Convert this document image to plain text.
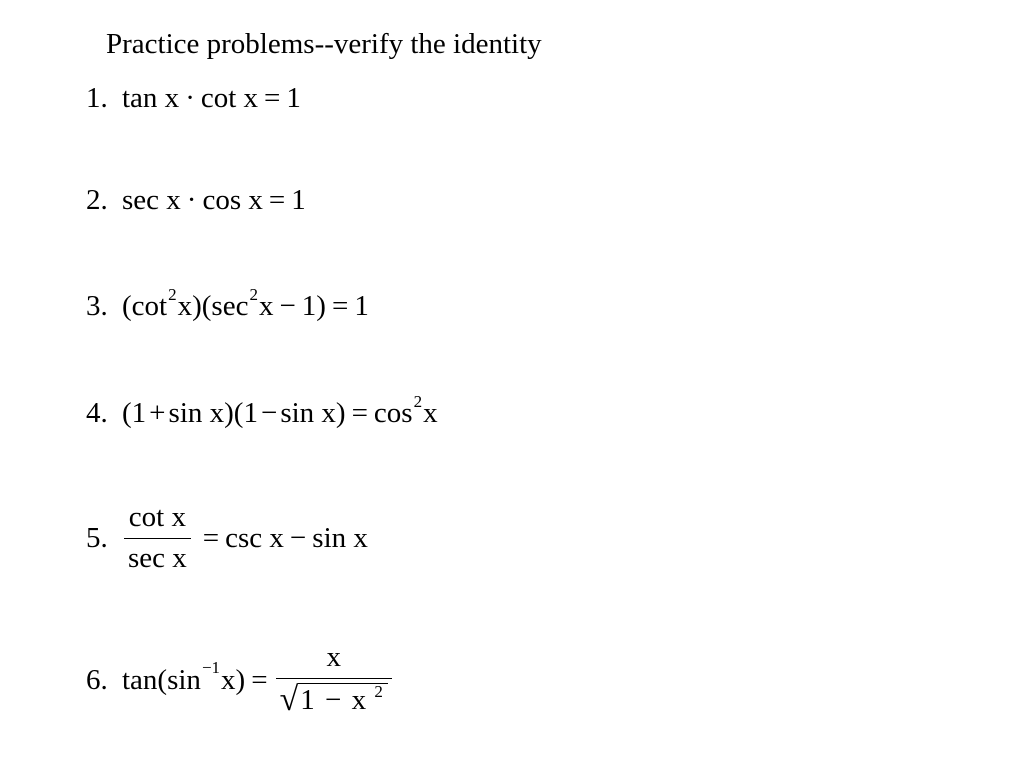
Practice problems--verify the identity
1. tan x · cot x = 1
2. sec x · cos x = 1
3. (cot 2 x)(sec 2 x − 1) = 1
4. (1 + sin x)(1 − sin x) = cos 2 x
5. $\frac{\text{cot x}}{\text{sec x}} = \csc x - \sin x$
6. tan(sin −1 $x) = \frac{x}{√ 1 - x ^2}$
